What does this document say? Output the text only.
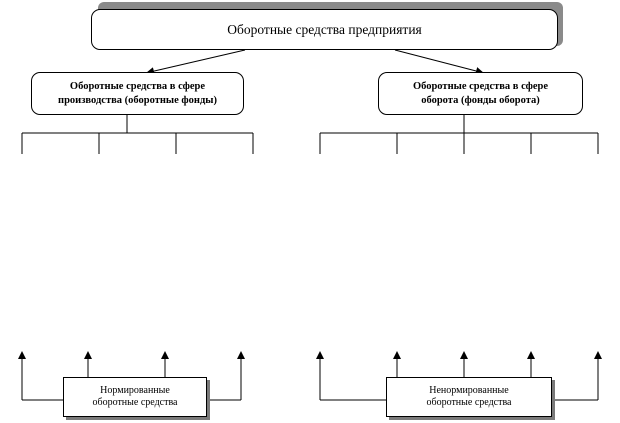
Оборотные средства предприятия
Оборотные средства в сфере
производства (оборотные фонды)
Оборотные средства в сфере
оборота (фонды оборота)
Нормированные
оборотные средства
Ненормированные
оборотные средства
